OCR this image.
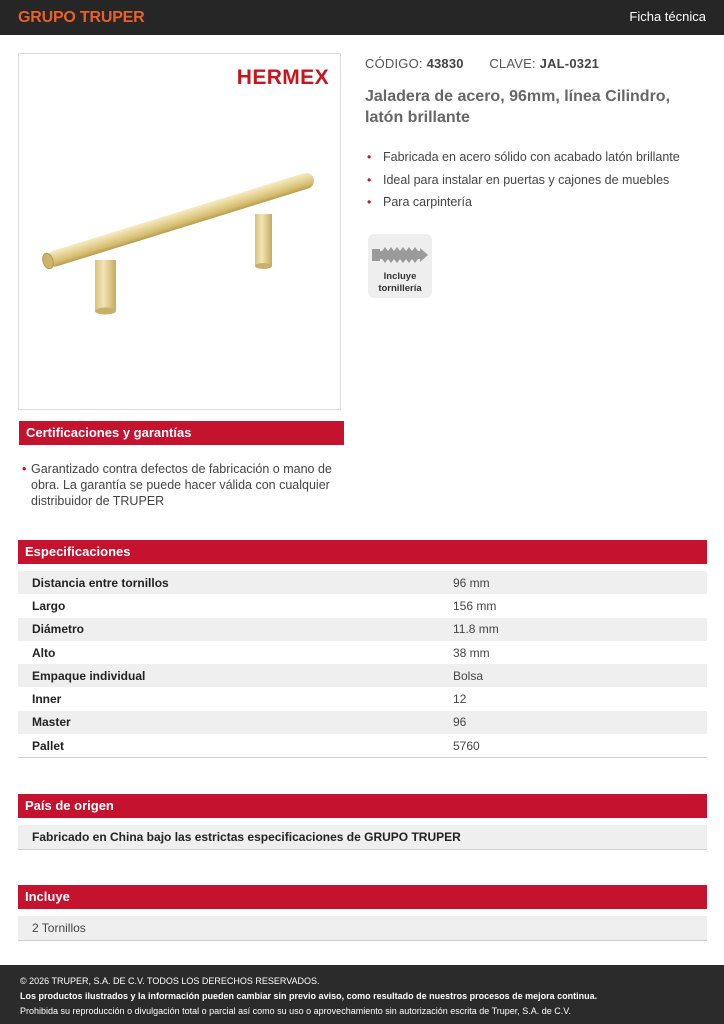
GRUPO TRUPER	Ficha técnica
HERMEX
CÓDIGO: 43830 CLAVE: JAL-0321
Jaladera de acero, 96mm, línea Cilindro, latón brillante
• Fabricada en acero sólido con acabado latón brillante
• Ideal para instalar en puertas y cajones de muebles
• Para carpintería
Incluye
tornillería
Certificaciones y garantías
• Garantizado contra defectos de fabricación o mano de obra. La garantía se puede hacer válida con cualquier distribuidor de TRUPER
Especificaciones
Distancia entre tornillos	96 mm
Largo	156 mm
Diámetro	11.8 mm
Alto	38 mm
Empaque individual	Bolsa
Inner	12
Master	96
Pallet	5760
País de origen
Fabricado en China bajo las estrictas especificaciones de GRUPO TRUPER
Incluye
2 Tornillos
© 2026 TRUPER, S.A. DE C.V. TODOS LOS DERECHOS RESERVADOS.
Los productos ilustrados y la información pueden cambiar sin previo aviso, como resultado de nuestros procesos de mejora continua.
Prohibida su reproducción o divulgación total o parcial así como su uso o aprovechamiento sin autorización escrita de Truper, S.A. de C.V.
